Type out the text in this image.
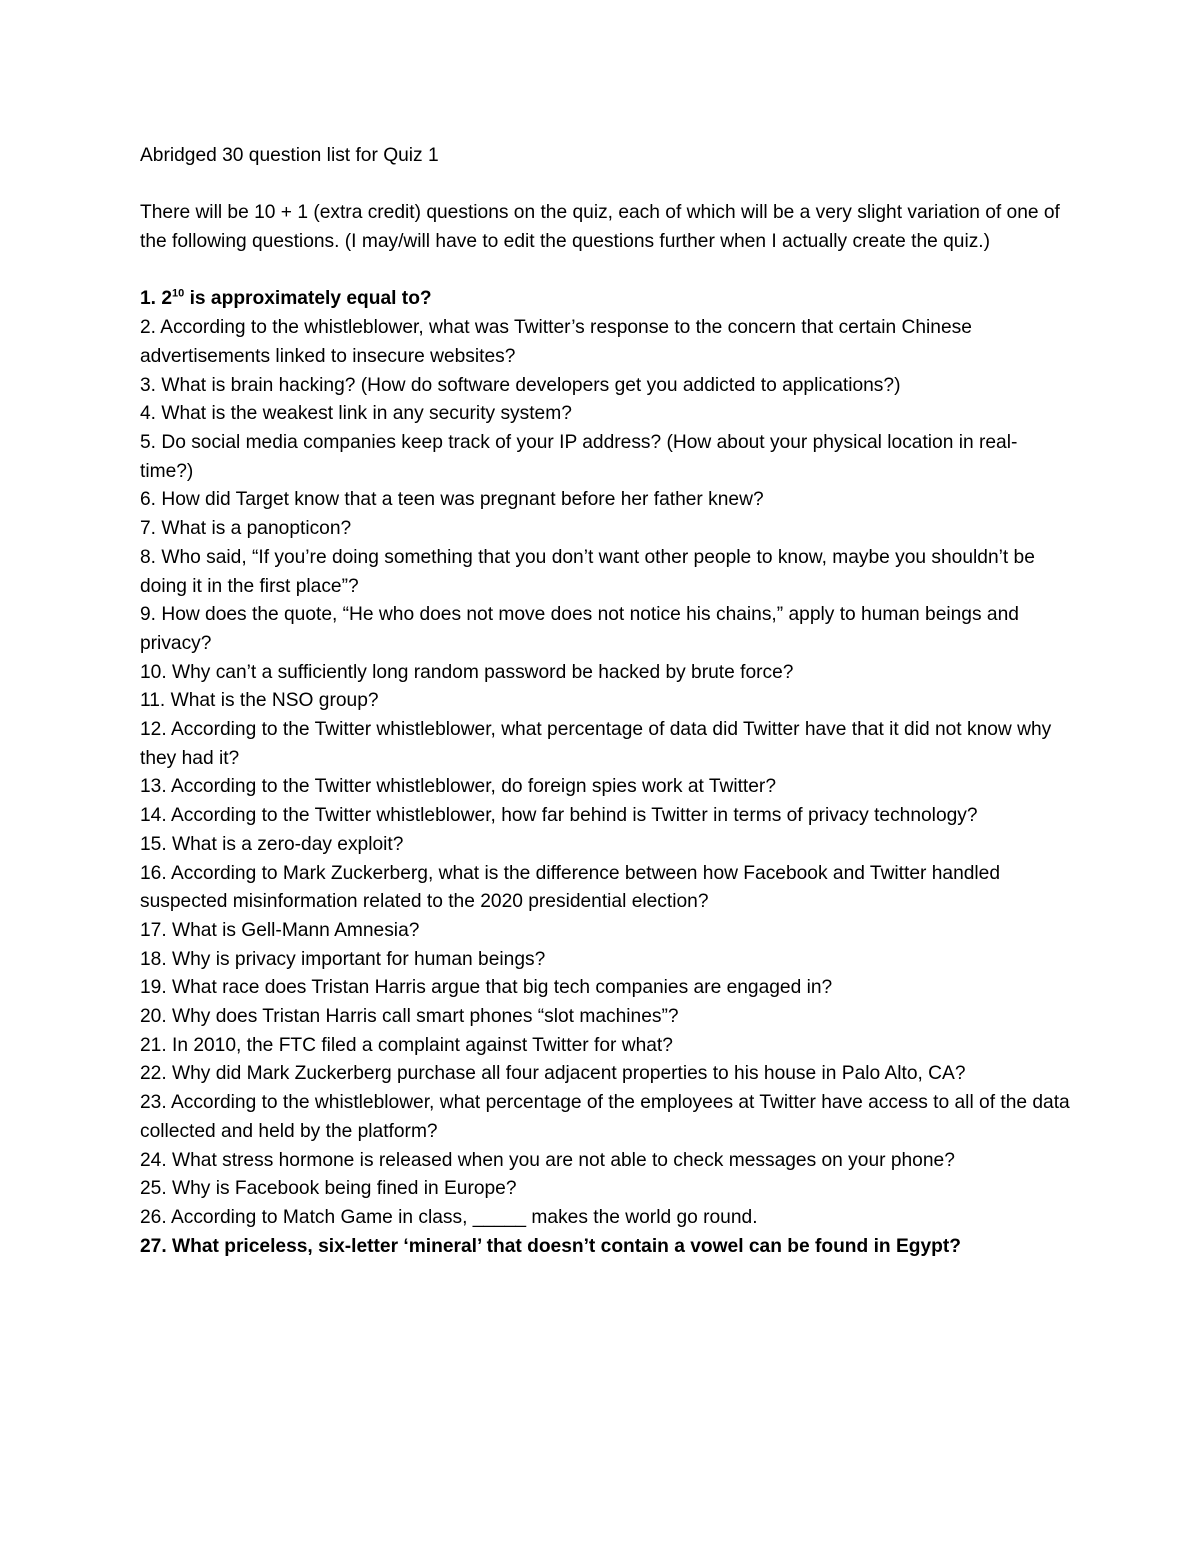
Abridged 30 question list for Quiz 1

There will be 10 + 1 (extra credit) questions on the quiz, each of which will be a very slight variation of one of the following questions. (I may/will have to edit the questions further when I actually create the quiz.)

1. $2^{10}$ is approximately equal to?
2. According to the whistleblower, what was Twitter’s response to the concern that certain Chinese advertisements linked to insecure websites?
3. What is brain hacking? (How do software developers get you addicted to applications?)
4. What is the weakest link in any security system?
5. Do social media companies keep track of your IP address? (How about your physical location in real-time?)
6. How did Target know that a teen was pregnant before her father knew?
7. What is a panopticon?
8. Who said, “If you’re doing something that you don’t want other people to know, maybe you shouldn’t be doing it in the first place”?
9. How does the quote, “He who does not move does not notice his chains,” apply to human beings and privacy?
10. Why can’t a sufficiently long random password be hacked by brute force?
11. What is the NSO group?
12. According to the Twitter whistleblower, what percentage of data did Twitter have that it did not know why they had it?
13. According to the Twitter whistleblower, do foreign spies work at Twitter?
14. According to the Twitter whistleblower, how far behind is Twitter in terms of privacy technology?
15. What is a zero-day exploit?
16. According to Mark Zuckerberg, what is the difference between how Facebook and Twitter handled suspected misinformation related to the 2020 presidential election?
17. What is Gell-Mann Amnesia?
18. Why is privacy important for human beings?
19. What race does Tristan Harris argue that big tech companies are engaged in?
20. Why does Tristan Harris call smart phones “slot machines”?
21. In 2010, the FTC filed a complaint against Twitter for what?
22. Why did Mark Zuckerberg purchase all four adjacent properties to his house in Palo Alto, CA?
23. According to the whistleblower, what percentage of the employees at Twitter have access to all of the data collected and held by the platform?
24. What stress hormone is released when you are not able to check messages on your phone?
25. Why is Facebook being fined in Europe?
26. According to Match Game in class, _____ makes the world go round.
27. What priceless, six-letter ‘mineral’ that doesn’t contain a vowel can be found in Egypt?
